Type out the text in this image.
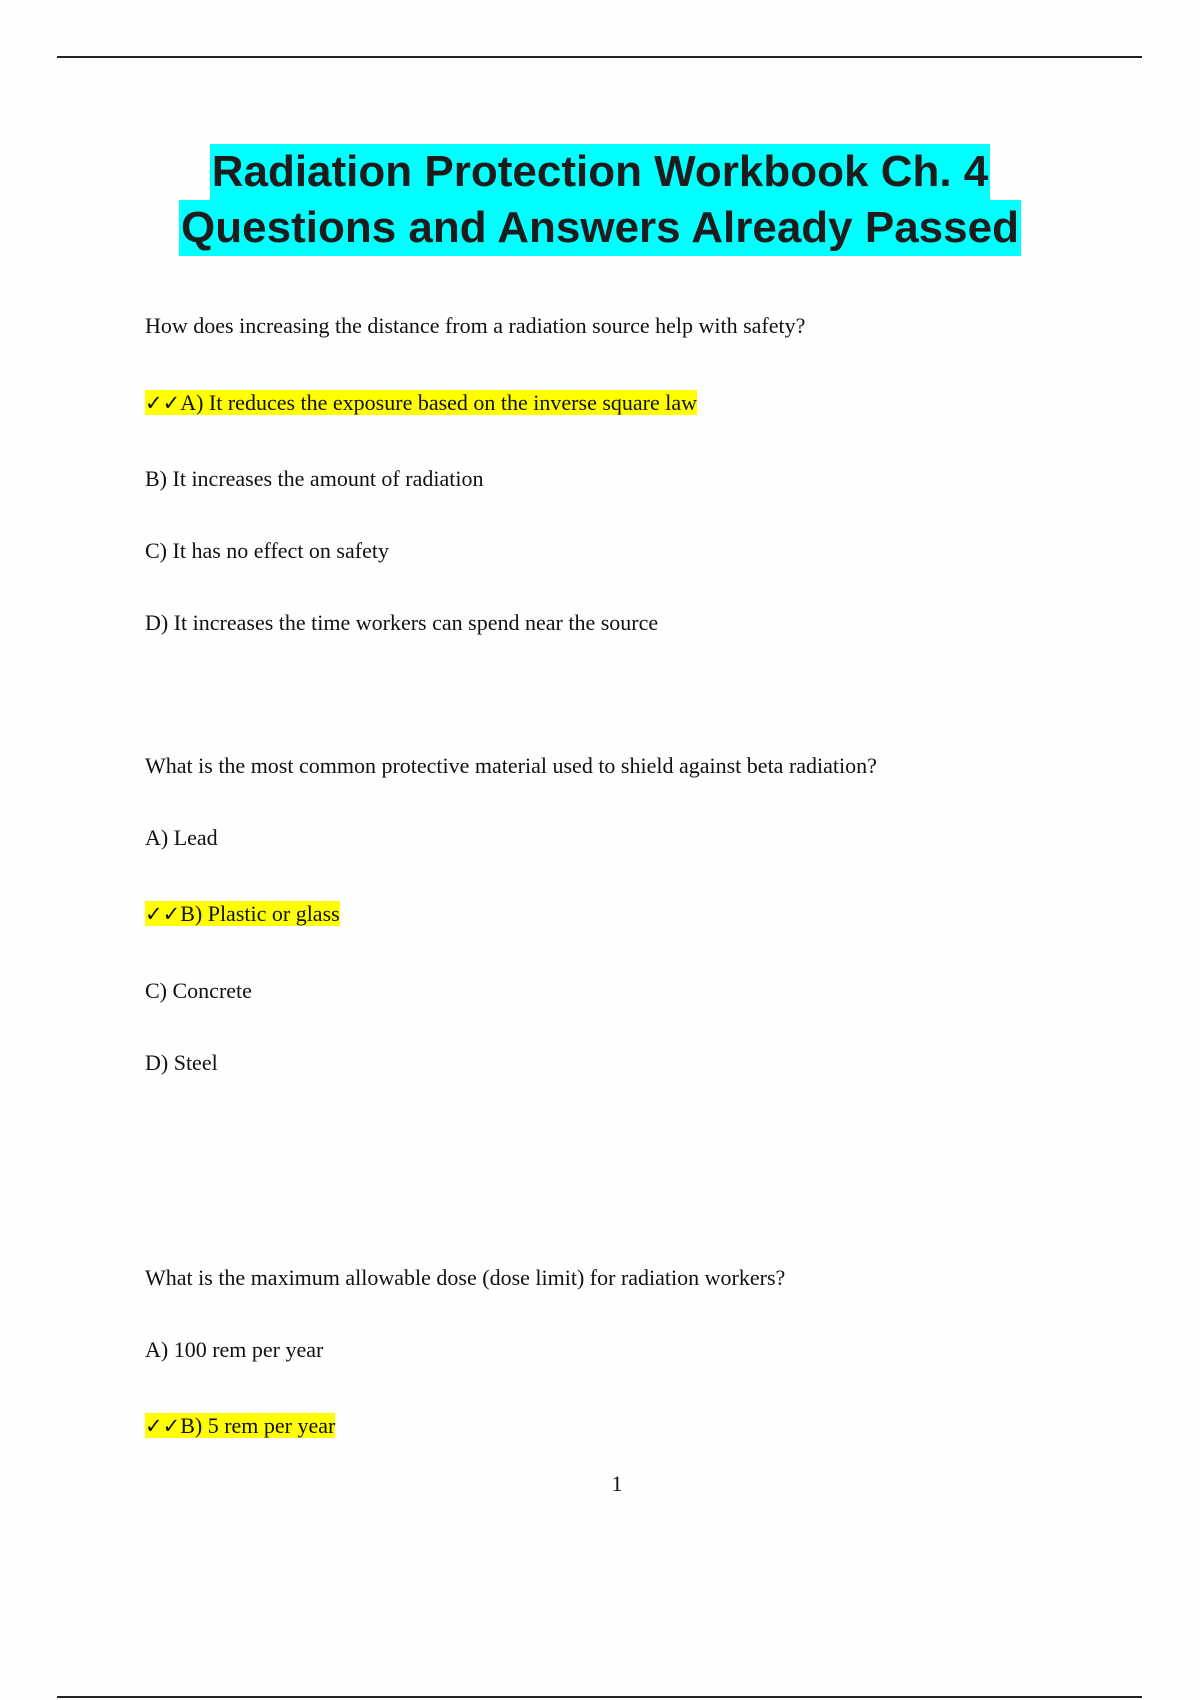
Radiation Protection Workbook Ch. 4
Questions and Answers Already Passed
How does increasing the distance from a radiation source help with safety?
✓✓A) It reduces the exposure based on the inverse square law
B) It increases the amount of radiation
C) It has no effect on safety
D) It increases the time workers can spend near the source
What is the most common protective material used to shield against beta radiation?
A) Lead
✓✓B) Plastic or glass
C) Concrete
D) Steel
What is the maximum allowable dose (dose limit) for radiation workers?
A) 100 rem per year
✓✓B) 5 rem per year
1
